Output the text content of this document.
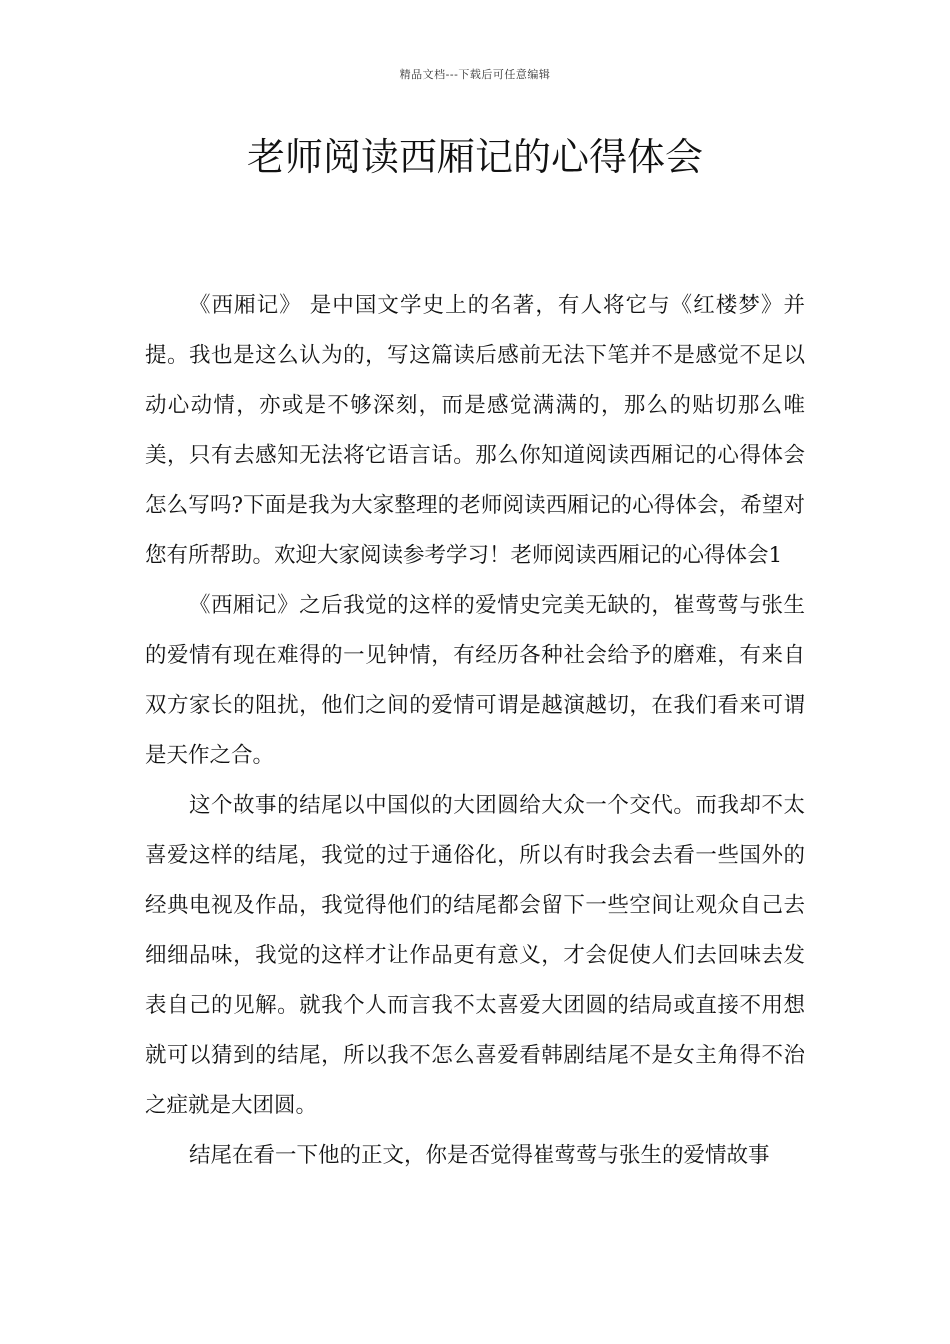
精品文档---下载后可任意编辑
老师阅读西厢记的心得体会

《西厢记》 是中国文学史上的名著，有人将它与《红楼梦》并提。我也是这么认为的，写这篇读后感前无法下笔并不是感觉不足以动心动情，亦或是不够深刻，而是感觉满满的，那么的贴切那么唯美，只有去感知无法将它语言话。那么你知道阅读西厢记的心得体会怎么写吗?下面是我为大家整理的老师阅读西厢记的心得体会，希望对您有所帮助。欢迎大家阅读参考学习！老师阅读西厢记的心得体会1

《西厢记》之后我觉的这样的爱情史完美无缺的，崔莺莺与张生的爱情有现在难得的一见钟情，有经历各种社会给予的磨难，有来自双方家长的阻扰，他们之间的爱情可谓是越演越切，在我们看来可谓是天作之合。

这个故事的结尾以中国似的大团圆给大众一个交代。而我却不太喜爱这样的结尾，我觉的过于通俗化，所以有时我会去看一些国外的经典电视及作品，我觉得他们的结尾都会留下一些空间让观众自己去细细品味，我觉的这样才让作品更有意义，才会促使人们去回味去发表自己的见解。就我个人而言我不太喜爱大团圆的结局或直接不用想就可以猜到的结尾，所以我不怎么喜爱看韩剧结尾不是女主角得不治之症就是大团圆。

结尾在看一下他的正文，你是否觉得崔莺莺与张生的爱情故事
